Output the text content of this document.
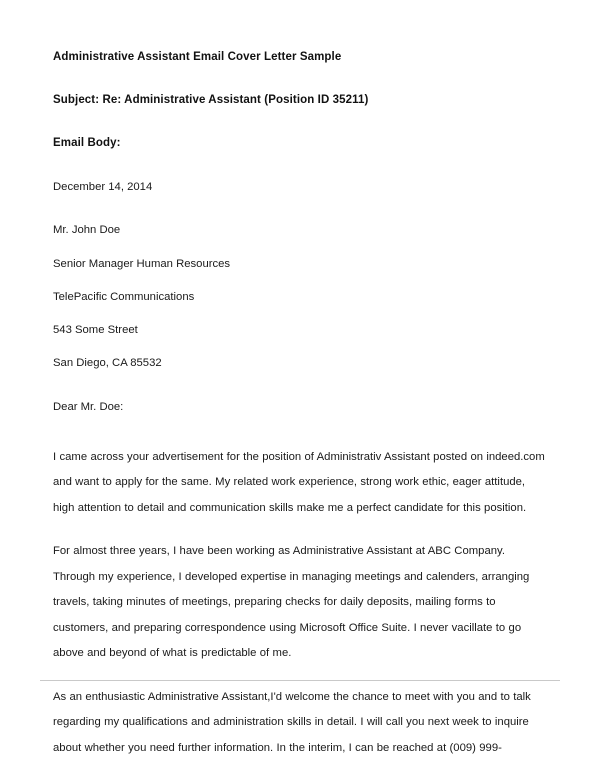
Administrative Assistant Email Cover Letter Sample
Subject: Re: Administrative Assistant (Position ID 35211)
Email Body:
December 14, 2014
Mr. John Doe
Senior Manager Human Resources
TelePacific Communications
543 Some Street
San Diego, CA 85532
Dear Mr. Doe:
I came across your advertisement for the position of Administrativ Assistant posted on indeed.com and want to apply for the same. My related work experience, strong work ethic, eager attitude, high attention to detail and communication skills make me a perfect candidate for this position.
For almost three years, I have been working as Administrative Assistant at ABC Company. Through my experience, I developed expertise in managing meetings and calenders, arranging travels, taking minutes of meetings, preparing checks for daily deposits, mailing forms to customers, and preparing correspondence using Microsoft Office Suite. I never vacillate to go above and beyond of what is predictable of me.
As an enthusiastic Administrative Assistant,I'd welcome the chance to meet with you and to talk regarding my qualifications and administration skills in detail. I will call you next week to inquire about whether you need further information. In the interim, I can be reached at (009) 999-
